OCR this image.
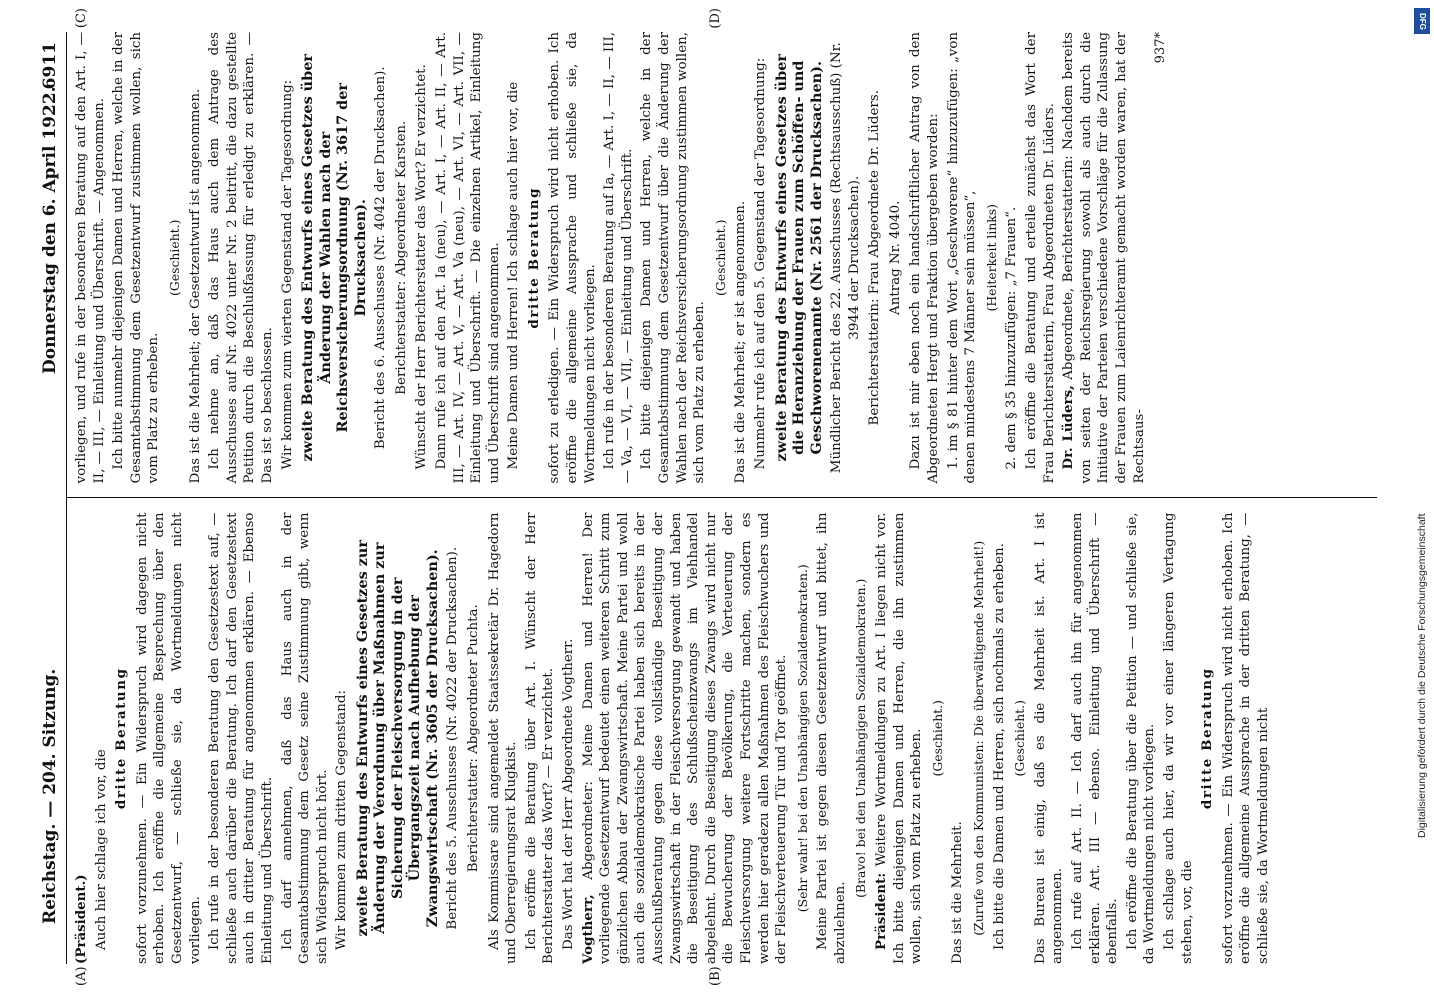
Reichstag. — 204. Sitzung.
Donnerstag den 6. April 1922.
6911
(A)	(B)

(Präsident.) Auch hier schlage ich vor, die

dritte Beratung sofort vorzunehmen. — Ein Widerspruch wird dagegen nicht erhoben. Ich eröffne die allgemeine Besprechung über den Gesetzentwurf, — schließe sie, da Wortmeldungen nicht vorliegen. Ich rufe in der besonderen Beratung den Gesetzestext auf, — schließe auch darüber die Beratung. Ich darf den Gesetzestext auch in dritter Beratung für angenommen erklären. — Ebenso Einleitung und Überschrift. Ich darf annehmen, daß das Haus auch in der Gesamtabstimmung dem Gesetz seine Zustimmung gibt, wenn sich Widerspruch nicht hört. Wir kommen zum dritten Gegenstand: zweite Beratung des Entwurfs eines Gesetzes zur Änderung der Verordnung über Maßnahmen zur Sicherung der Fleischversorgung in der Übergangszeit nach Aufhebung der Zwangswirtschaft (Nr. 3605 der Drucksachen). Bericht des 5. Ausschusses (Nr. 4022 der Drucksachen). Berichterstatter: Abgeordneter Puchta. Als Kommissare sind angemeldet Staatssekretär Dr. Hagedorn und Oberregierungsrat Klugkist. Ich eröffne die Beratung über Art. I. Wünscht der Herr Berichterstatter das Wort? — Er verzichtet. Das Wort hat der Herr Abgeordnete Vogtherr. Vogtherr, Abgeordneter: Meine Damen und Herren! Der vorliegende Gesetzentwurf bedeutet einen weiteren Schritt zum gänzlichen Abbau der Zwangswirtschaft. Meine Partei und wohl auch die sozialdemokratische Partei haben sich bereits in der Ausschußberatung gegen diese vollständige Beseitigung der Zwangswirtschaft in der Fleischversorgung gewandt und haben die Beseitigung des Schlußscheinzwangs im Viehhandel abgelehnt. Durch die Beseitigung dieses Zwangs wird nicht nur die Bewucherung der Bevölkerung, die Verteuerung der Fleischversorgung weitere Fortschritte machen, sondern es werden hier geradezu allen Maßnahmen des Fleischwuchers und der Fleischverteuerung Tür und Tor geöffnet. (Sehr wahr! bei den Unabhängigen Sozialdemokraten.) Meine Partei ist gegen diesen Gesetzentwurf und bittet, ihn abzulehnen.

(Bravo! bei den Unabhängigen Sozialdemokraten.)

Präsident: Weitere Wortmeldungen zu Art. I liegen nicht vor. Ich bitte diejenigen Damen und Herren, die ihn zustimmen wollen, sich vom Platz zu erheben. (Geschieht.)

Das ist die Mehrheit. (Zurufe von den Kommunisten: Die überwältigende Mehrheit!) Ich bitte die Damen und Herren, sich nochmals zu erheben. (Geschieht.) Das Bureau ist einig, daß es die Mehrheit ist. Art. I ist angenommen. Ich rufe auf Art. II. — Ich darf auch ihn für angenommen erklären. Art. III — ebenso. Einleitung und Überschrift — ebenfalls. Ich eröffne die Beratung über die Petition — und schließe sie, da Wortmeldungen nicht vorliegen. Ich schlage auch hier, da wir vor einer längeren Vertagung stehen, vor, die

dritte Beratung sofort vorzunehmen. — Ein Widerspruch wird nicht erhoben. Ich eröffne die allgemeine Aussprache in der dritten Beratung, — schließe sie, da Wortmeldungen nicht

(C)	(D)

vorliegen, und rufe in der besonderen Beratung auf den Art. I, — II, — III, — Einleitung und Überschrift. — Angenommen. Ich bitte nunmehr diejenigen Damen und Herren, welche in der Gesamtabstimmung dem Gesetzentwurf zustimmen wollen, sich vom Platz zu erheben.

(Geschieht.) Das ist die Mehrheit; der Gesetzentwurf ist angenommen. Ich nehme an, daß das Haus auch dem Antrage des Ausschusses auf Nr. 4022 unter Nr. 2 beitritt, die dazu gestellte Petition durch die Beschlußfassung für erledigt zu erklären. — Das ist so beschlossen. Wir kommen zum vierten Gegenstand der Tagesordnung: zweite Beratung des Entwurfs eines Gesetzes über Änderung der Wahlen nach der Reichsversicherungsordnung (Nr. 3617 der Drucksachen). Bericht des 6. Ausschusses (Nr. 4042 der Drucksachen). Berichterstatter: Abgeordneter Karsten. Wünscht der Herr Berichterstatter das Wort? Er verzichtet. Dann rufe ich auf den Art. Ia (neu), — Art. I, — Art. II, — Art. III, — Art. IV, — Art. V, — Art. Va (neu), — Art. VI, — Art. VII, — Einleitung und Überschrift. — Die einzelnen Artikel, Einleitung und Überschrift sind angenommen. Meine Damen und Herren! Ich schlage auch hier vor, die dritte Beratung sofort zu erledigen. — Ein Widerspruch wird nicht erhoben. Ich eröffne die allgemeine Aussprache und schließe sie, da Wortmeldungen nicht vorliegen. Ich rufe in der besonderen Beratung auf Ia, — Art. I, — II, — III, — Va, — VI, — VII, — Einleitung und Überschrift. Ich bitte diejenigen Damen und Herren, welche in der Gesamtabstimmung dem Gesetzentwurf über die Änderung der Wahlen nach der Reichsversicherungsordnung zustimmen wollen, sich vom Platz zu erheben.

(Geschieht.) Das ist die Mehrheit; er ist angenommen. Nunmehr rufe ich auf den 5. Gegenstand der Tagesordnung: zweite Beratung des Entwurfs eines Gesetzes über die Heranziehung der Frauen zum Schöffen- und Geschworenenamte (Nr. 2561 der Drucksachen). Mündlicher Bericht des 22. Ausschusses (Rechtsausschuß) (Nr. 3944 der Drucksachen). Berichterstatterin: Frau Abgeordnete Dr. Lüders. Antrag Nr. 4040. Dazu ist mir eben noch ein handschriftlicher Antrag von den Abgeordneten Hergt und Fraktion übergeben worden: 1. im § 81 hinter dem Wort „Geschworene“ hinzuzufügen: „von denen mindestens 7 Männer sein müssen“, (Heiterkeit links) 2. dem § 35 hinzuzufügen: „7 Frauen“. Ich eröffne die Beratung und erteile zunächst das Wort der Frau Berichterstatterin, Frau Abgeordneten Dr. Lüders. Dr. Lüders, Abgeordnete, Berichterstatterin: Nachdem bereits von seiten der Reichsregierung sowohl als auch durch die Initiative der Parteien verschiedene Vorschläge für die Zulassung der Frauen zum Laienrichteramt gemacht worden waren, hat der Rechtsaus-

937*
DFG
Digitalisierung gefördert durch die Deutsche Forschungsgemeinschaft
